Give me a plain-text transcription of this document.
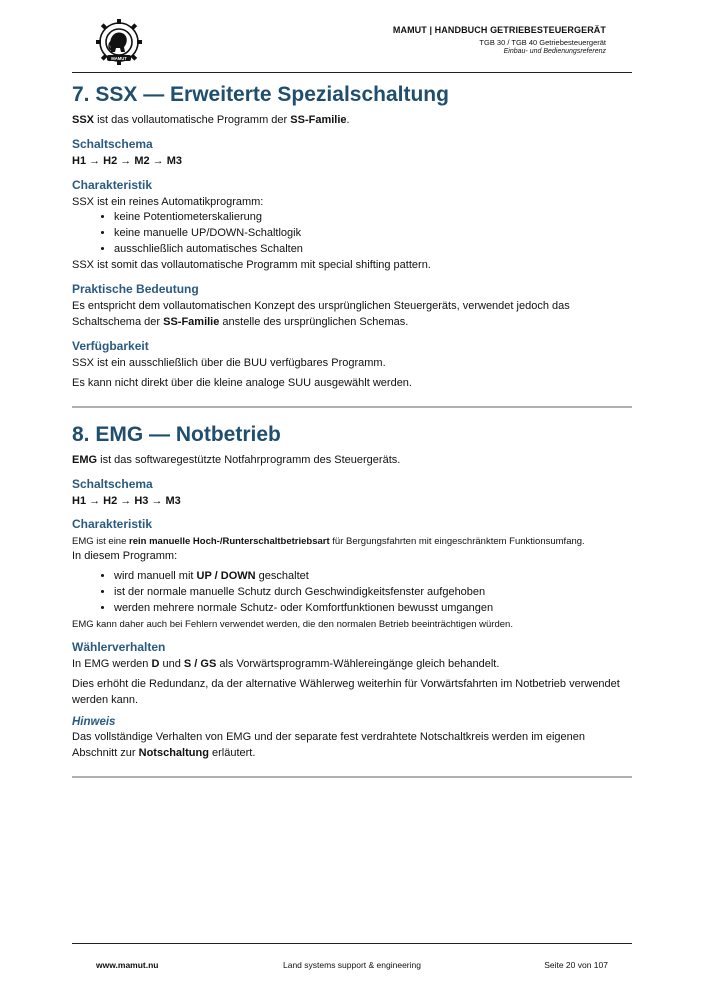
MAMUT
MAMUT | HANDBUCH GETRIEBESTEUERGERÄT
TGB 30 / TGB 40 Getriebesteuergerät
Einbau- und Bedienungsreferenz
7. SSX — Erweiterte Spezialschaltung

SSX ist das vollautomatische Programm der SS-Familie.

Schaltschema
H1 → H2 → M2 → M3
Charakteristik

SSX ist ein reines Automatikprogramm:

• keine Potentiometerskalierung
• keine manuelle UP/DOWN-Schaltlogik
• ausschließlich automatisches Schalten

SSX ist somit das vollautomatische Programm mit special shifting pattern.

Praktische Bedeutung

Es entspricht dem vollautomatischen Konzept des ursprünglichen Steuergeräts, verwendet jedoch das Schaltschema der SS-Familie anstelle des ursprünglichen Schemas.

Verfügbarkeit

SSX ist ein ausschließlich über die BUU verfügbares Programm.

Es kann nicht direkt über die kleine analoge SUU ausgewählt werden.

8. EMG — Notbetrieb

EMG ist das softwaregestützte Notfahrprogramm des Steuergeräts.

Schaltschema
H1 → H2 → H3 → M3
Charakteristik

EMG ist eine rein manuelle Hoch-/Runterschaltbetriebsart für Bergungsfahrten mit eingeschränktem Funktionsumfang.

In diesem Programm:

• wird manuell mit UP / DOWN geschaltet
• ist der normale manuelle Schutz durch Geschwindigkeitsfenster aufgehoben
• werden mehrere normale Schutz- oder Komfortfunktionen bewusst umgangen

EMG kann daher auch bei Fehlern verwendet werden, die den normalen Betrieb beeinträchtigen würden.

Wählerverhalten

In EMG werden D und S / GS als Vorwärtsprogramm-Wählereingänge gleich behandelt.

Dies erhöht die Redundanz, da der alternative Wählerweg weiterhin für Vorwärtsfahrten im Notbetrieb verwendet werden kann.

Hinweis

Das vollständige Verhalten von EMG und der separate fest verdrahtete Notschaltkreis werden im eigenen Abschnitt zur Notschaltung erläutert.

www.mamut.nu	Land systems support & engineering	Seite 20 von 107
